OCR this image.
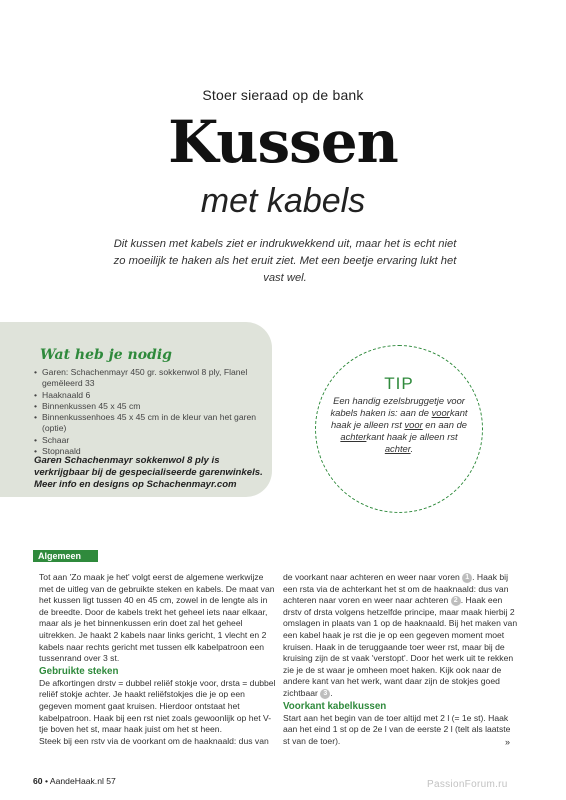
Stoer sieraad op de bank
Kussen
met kabels
Dit kussen met kabels ziet er indrukwekkend uit, maar het is echt niet zo moeilijk te haken als het eruit ziet. Met een beetje ervaring lukt het vast wel.
Wat heb je nodig
• Garen: Schachenmayr 450 gr. sokkenwol 8 ply, Flanel gemëleerd 33
• Haaknaald 6
• Binnenkussen 45 x 45 cm
• Binnenkussenhoes 45 x 45 cm in de kleur van het garen (optie)
• Schaar
• Stopnaald
Garen Schachenmayr sokkenwol 8 ply is verkrijgbaar bij de gespecialiseerde garenwinkels. Meer info en designs op Schachenmayr.com
TIP
Een handig ezelsbruggetje voor kabels haken is: aan de voorkant haak je alleen rst voor en aan de achterkant haak je alleen rst achter.
Algemeen

Tot aan 'Zo maak je het' volgt eerst de algemene werkwijze met de uitleg van de gebruikte steken en kabels. De maat van het kussen ligt tussen 40 en 45 cm, zowel in de lengte als in de breedte. Door de kabels trekt het geheel iets naar elkaar, maar als je het binnenkussen erin doet zal het geheel uitrekken. Je haakt 2 kabels naar links gericht, 1 vlecht en 2 kabels naar rechts gericht met tussen elk kabelpatroon een tussenrand over 3 st.

Gebruikte steken

De afkortingen drstv = dubbel reliëf stokje voor, drsta = dubbel reliëf stokje achter. Je haakt reliëfstokjes die je op een gegeven moment gaat kruisen. Hierdoor ontstaat het kabelpatroon. Haak bij een rst niet zoals gewoonlijk op het V-tje boven het st, maar haak juist om het st heen.

Steek bij een rstv via de voorkant om de haaknaald: dus van

de voorkant naar achteren en weer naar voren 1 . Haak bij een rsta via de achterkant het st om de haaknaald: dus van achteren naar voren en weer naar achteren 2 . Haak een drstv of drsta volgens hetzelfde principe, maar maak hierbij 2 omslagen in plaats van 1 op de haaknaald. Bij het maken van een kabel haak je rst die je op een gegeven moment moet kruisen. Haak in de teruggaande toer weer rst, maar bij de kruising zijn de st vaak 'verstopt'. Door het werk uit te rekken zie je de st waar je omheen moet haken. Kijk ook naar de andere kant van het werk, want daar zijn de stokjes goed zichtbaar 3 .

Voorkant kabelkussen

Start aan het begin van de toer altijd met 2 l (= 1e st). Haak aan het eind 1 st op de 2e l van de eerste 2 l (telt als laatste st van de toer).	»
60 • AandeHaak.nl 57	PassionForum.ru
